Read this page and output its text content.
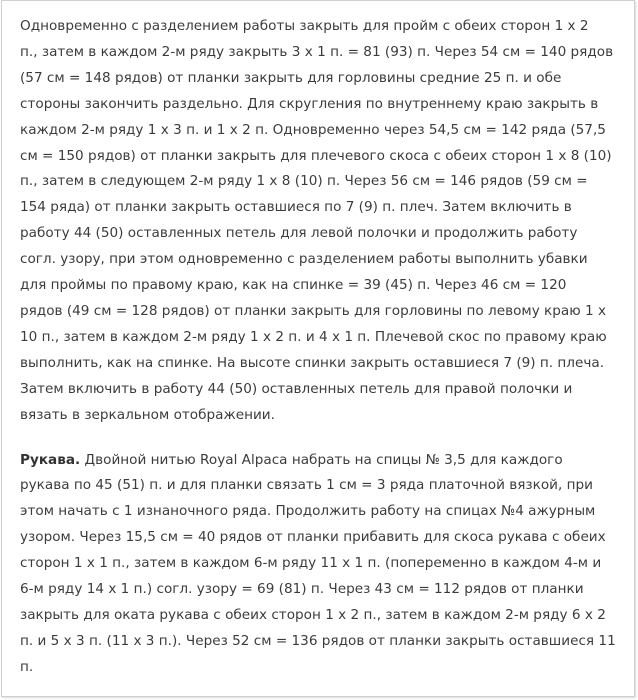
Одновременно с разделением работы закрыть для пройм с обеих сторон 1 х 2
п., затем в каждом 2-м ряду закрыть 3 х 1 п. = 81 (93) п. Через 54 см = 140 рядов
(57 см = 148 рядов) от планки закрыть для горловины средние 25 п. и обе
стороны закончить раздельно. Для скругления по внутреннему краю закрыть в
каждом 2-м ряду 1 х 3 п. и 1 х 2 п. Одновременно через 54,5 см = 142 ряда (57,5
см = 150 рядов) от планки закрыть для плечевого скоса с обеих сторон 1 х 8 (10)
п., затем в следующем 2-м ряду 1 х 8 (10) п. Через 56 см = 146 рядов (59 см =
154 ряда) от планки закрыть оставшиеся по 7 (9) п. плеч. Затем включить в
работу 44 (50) оставленных петель для левой полочки и продолжить работу
согл. узору, при этом одновременно с разделением работы выполнить убавки
для проймы по правому краю, как на спинке = 39 (45) п. Через 46 см = 120
рядов (49 см = 128 рядов) от планки закрыть для горловины по левому краю 1 х
10 п., затем в каждом 2-м ряду 1 х 2 п. и 4 х 1 п. Плечевой скос по правому краю
выполнить, как на спинке. На высоте спинки закрыть оставшиеся 7 (9) п. плеча.
Затем включить в работу 44 (50) оставленных петель для правой полочки и
вязать в зеркальном отображении.

Рукава. Двойной нитью Royal Alpaca набрать на спицы № 3,5 для каждого
рукава по 45 (51) п. и для планки связать 1 см = 3 ряда платочной вязкой, при
этом начать с 1 изнаночного ряда. Продолжить работу на спицах №4 ажурным
узором. Через 15,5 см = 40 рядов от планки прибавить для скоса рукава с обеих
сторон 1 х 1 п., затем в каждом 6-м ряду 11 х 1 п. (попеременно в каждом 4-м и
6-м ряду 14 х 1 п.) согл. узору = 69 (81) п. Через 43 см = 112 рядов от планки
закрыть для оката рукава с обеих сторон 1 х 2 п., затем в каждом 2-м ряду 6 х 2
п. и 5 х 3 п. (11 х 3 п.). Через 52 см = 136 рядов от планки закрыть оставшиеся 11
п.
